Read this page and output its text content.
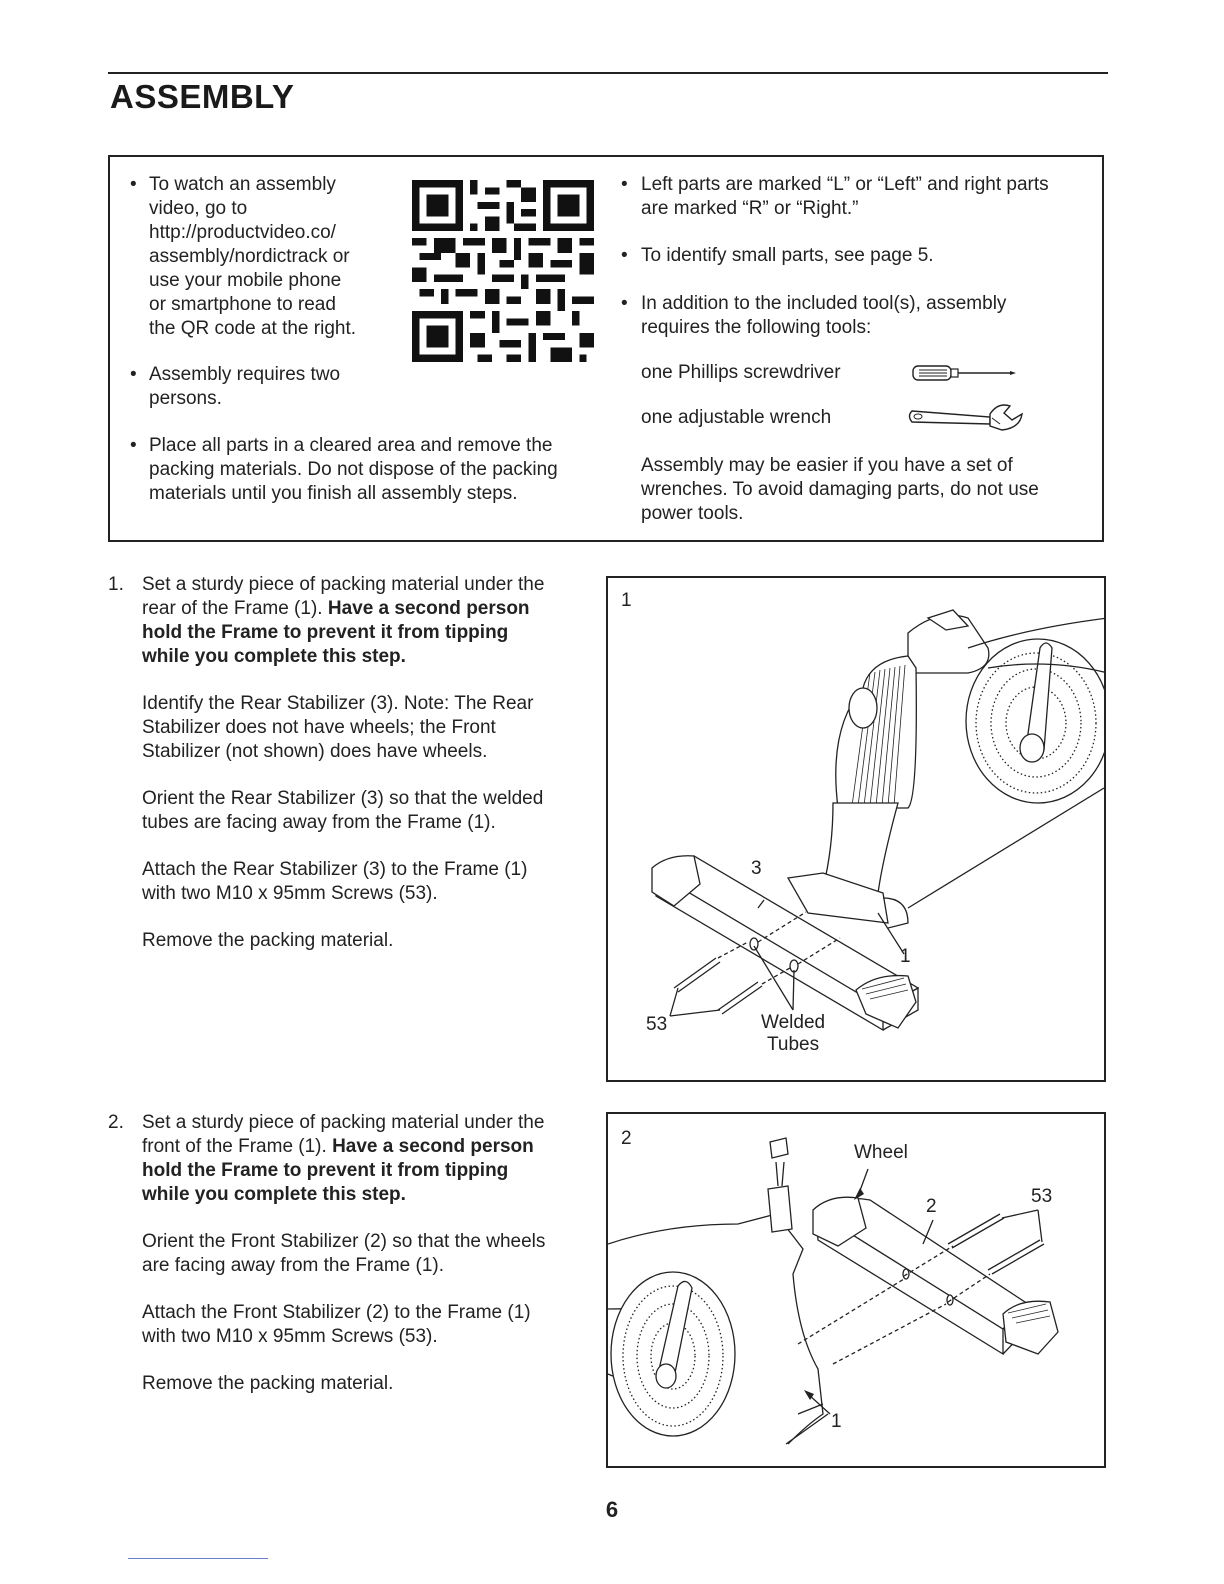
ASSEMBLY
• To watch an assembly
video, go to
http://productvideo.co/
assembly/nordictrack or
use your mobile phone
or smartphone to read
the QR code at the right.
• Assembly requires two
persons.
• Place all parts in a cleared area and remove the
packing materials. Do not dispose of the packing
materials until you finish all assembly steps.
• Left parts are marked “L” or “Left” and right parts
are marked “R” or “Right.”
• To identify small parts, see page 5.
• In addition to the included tool(s), assembly
requires the following tools:
one Phillips screwdriver
one adjustable wrench
Assembly may be easier if you have a set of
wrenches. To avoid damaging parts, do not use
power tools.
1. Set a sturdy piece of packing material under the
rear of the Frame (1). Have a second person
hold the Frame to prevent it from tipping
while you complete this step.

Identify the Rear Stabilizer (3). Note: The Rear
Stabilizer does not have wheels; the Front
Stabilizer (not shown) does have wheels.

Orient the Rear Stabilizer (3) so that the welded
tubes are facing away from the Frame (1).

Attach the Rear Stabilizer (3) to the Frame (1)
with two M10 x 95mm Screws (53).

Remove the packing material.

1
3
1
53	Welded
Tubes
2. Set a sturdy piece of packing material under the
front of the Frame (1). Have a second person
hold the Frame to prevent it from tipping
while you complete this step.

Orient the Front Stabilizer (2) so that the wheels
are facing away from the Frame (1).

Attach the Front Stabilizer (2) to the Frame (1)
with two M10 x 95mm Screws (53).

Remove the packing material.

2
Wheel
2	53
1
6
